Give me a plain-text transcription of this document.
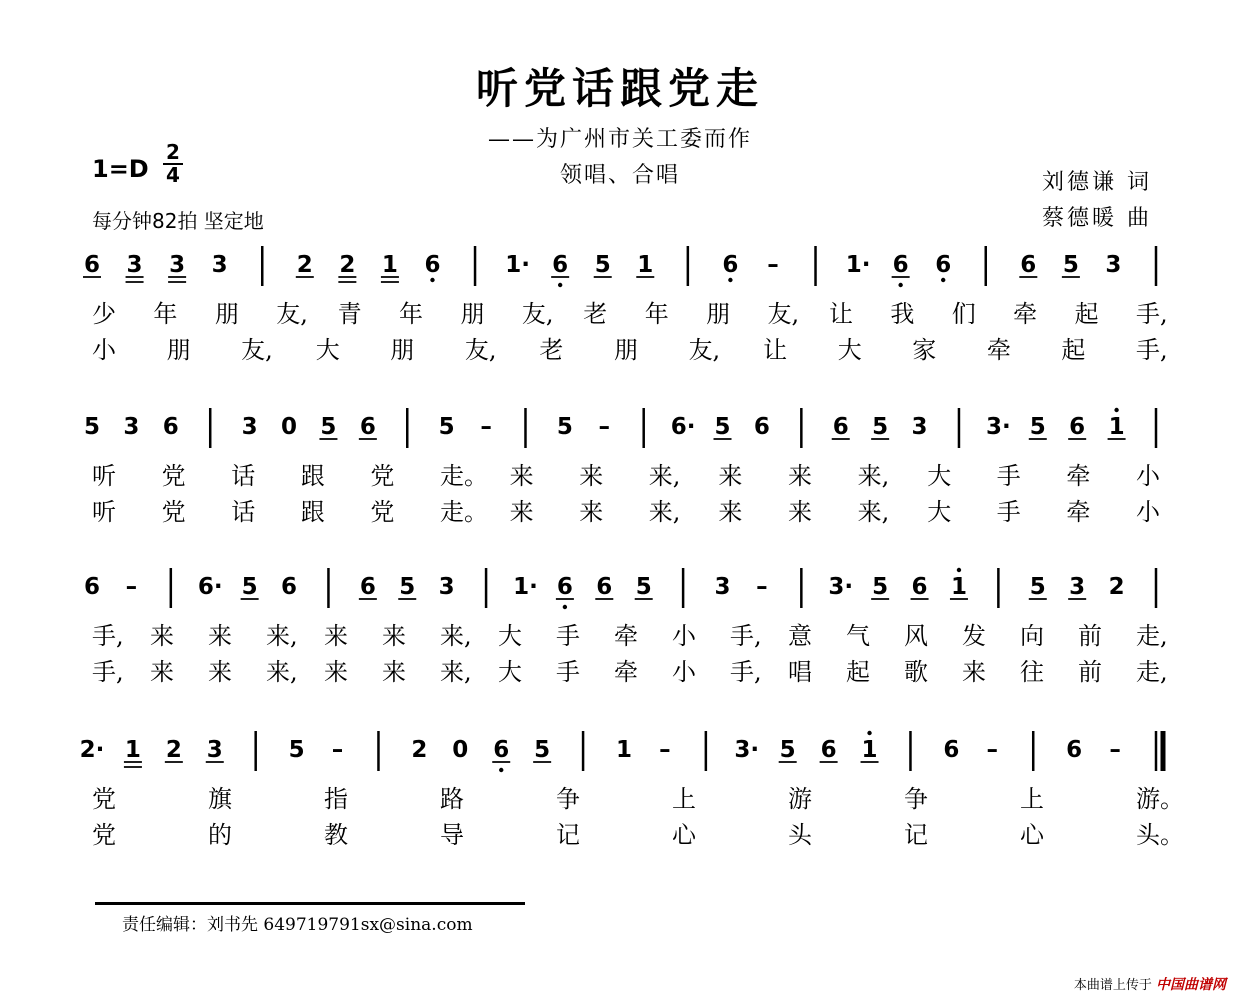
听党话跟党走
——为广州市关工委而作
领唱、合唱
1=D
2
4
每分钟82拍 坚定地
刘德谦 词
蔡德暖 曲
6 3 3 3	2 2 1 6	1· 6 5 1	6 –	1· 6 6	6 5 3
少 年 朋 友, 青 年 朋 友, 老 年 朋 友, 让 我 们 牵 起 手,
小 朋 友, 大 朋 友, 老 朋 友, 让 大 家 牵 起 手,
5 3 6	3 0 5 6	5 –	5 –	6· 5 6	6 5 3	3· 5 6 1
听 党 话 跟 党 走。 来 来 来, 来 来 来, 大 手 牵 小
听 党 话 跟 党 走。 来 来 来, 来 来 来, 大 手 牵 小
6 –	6· 5 6	6 5 3	1· 6 6 5	3 –	3· 5 6 1	5 3 2
手, 来 来 来, 来 来 来, 大 手 牵 小 手, 意 气 风 发 向 前 走,
手, 来 来 来, 来 来 来, 大 手 牵 小 手, 唱 起 歌 来 往 前 走,
2· 1 2 3	5 –	2 0 6 5	1 –	3· 5 6 1	6 –	6 –
党	旗	指	路	争	上	游	争	上	游。
党	的	教	导	记	心	头	记	心	头。
责任编辑：刘书先 649719791sx@sina.com
本曲谱上传于 中国曲谱网
